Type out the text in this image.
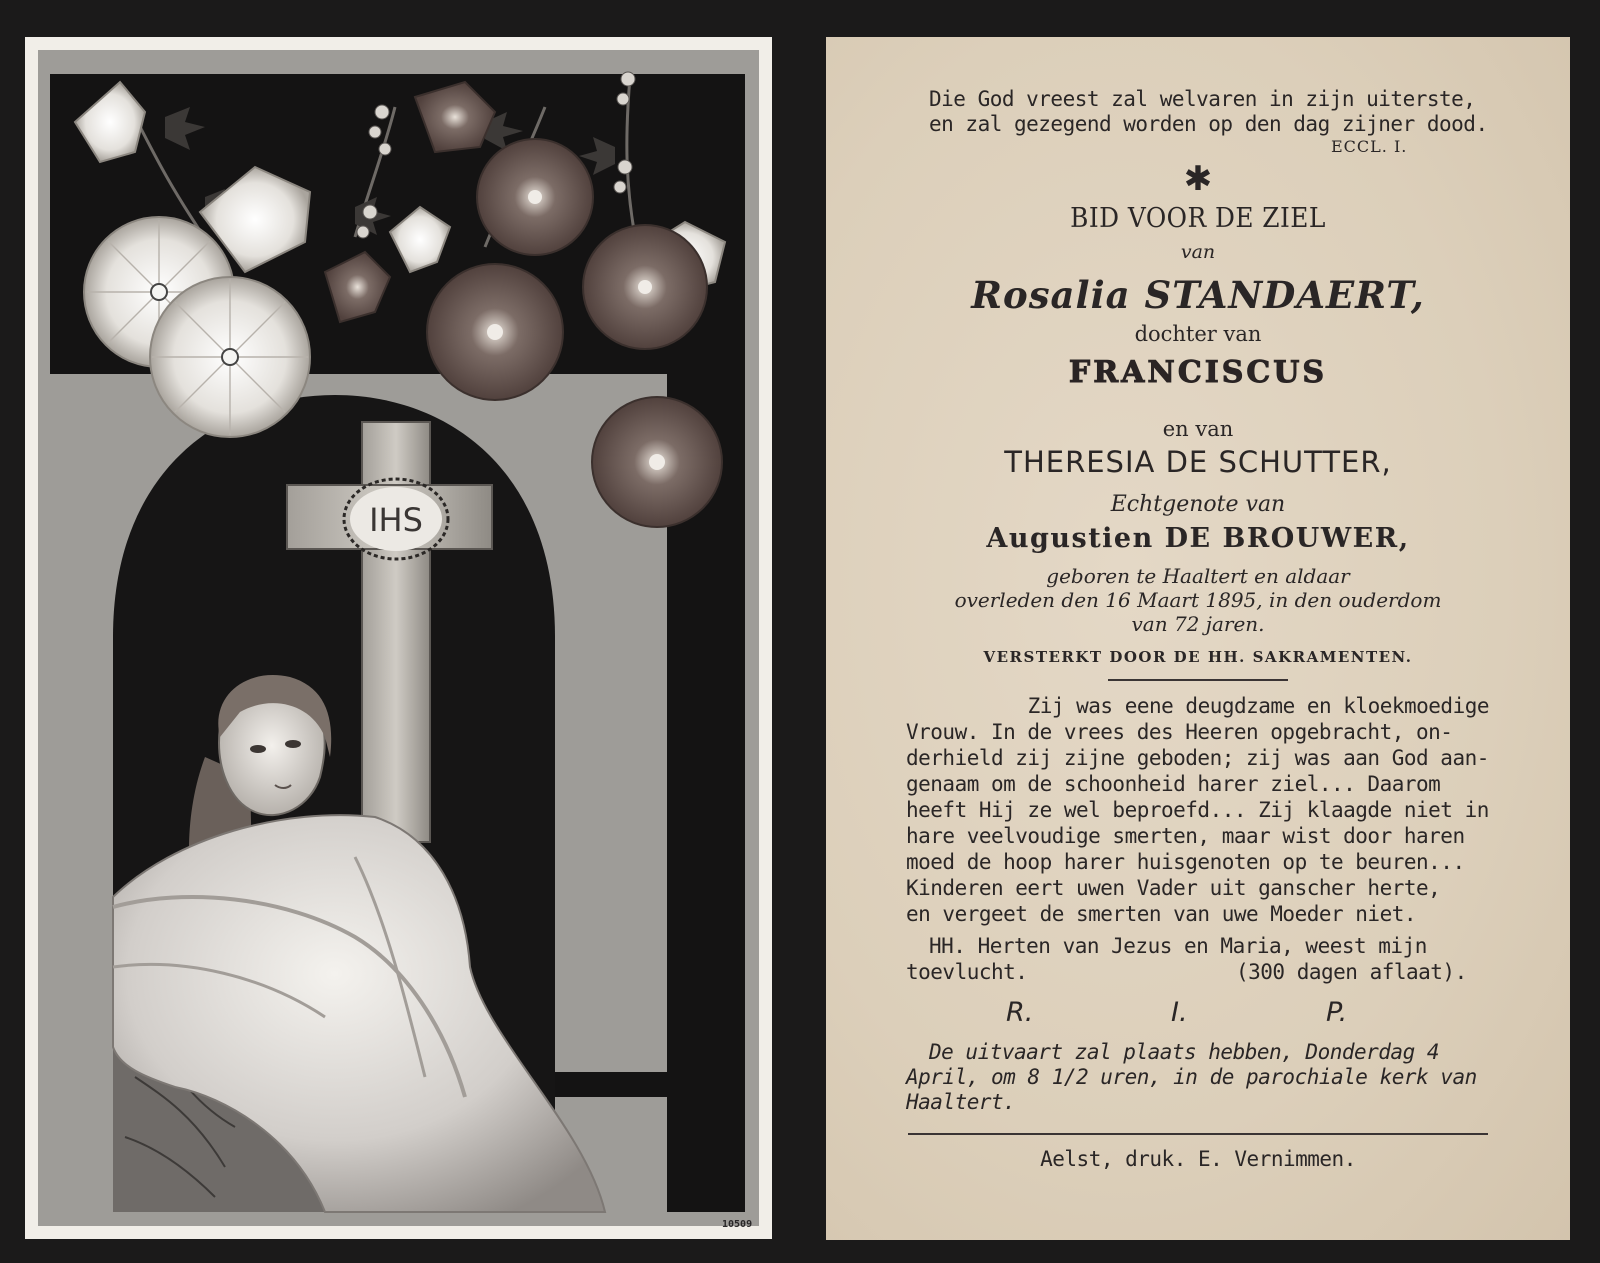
IHS
10509
Die God vreest zal welvaren in zijn uiterste,
en zal gezegend worden op den dag zijner dood.
ECCL. I.
✱
BID VOOR DE ZIEL
van
Rosalia STANDAERT,
dochter van
FRANCISCUS
en van
THERESIA DE SCHUTTER,
Echtgenote van
Augustien DE BROUWER,
geboren te Haaltert en aldaar
overleden den 16 Maart 1895, in den ouderdom
van 72 jaren.
VERSTERKT DOOR DE HH. SAKRAMENTEN.
Zij was eene deugdzame en kloekmoedige
Vrouw. In de vrees des Heeren opgebracht, on-
derhield zij zijne geboden; zij was aan God aan-
genaam om de schoonheid harer ziel... Daarom
heeft Hij ze wel beproefd... Zij klaagde niet in
hare veelvoudige smerten, maar wist door haren
moed de hoop harer huisgenoten op te beuren...
Kinderen eert uwen Vader uit ganscher herte,
en vergeet de smerten van uwe Moeder niet.
HH. Herten van Jezus en Maria, weest mijn
toevlucht.	(300 dagen aflaat).
R.	I.	P.
De uitvaart zal plaats hebben, Donderdag 4
April, om 8 1/2 uren, in de parochiale kerk van
Haaltert.
Aelst, druk. E. Vernimmen.
